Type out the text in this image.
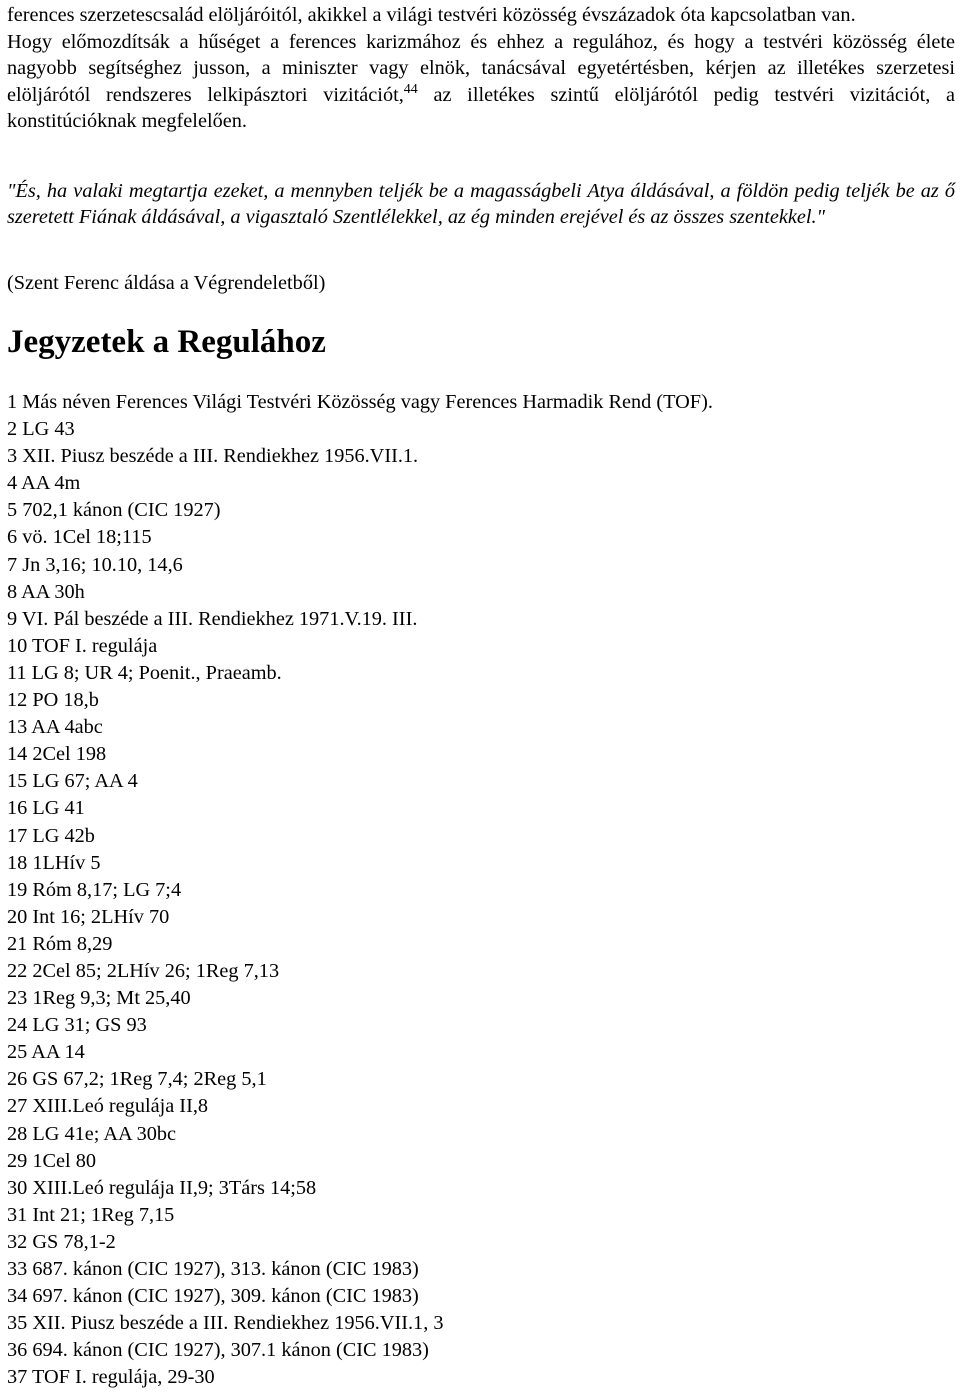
ferences szerzetescsalád elöljáróitól, akikkel a világi testvéri közösség évszázadok óta kapcsolatban van.

Hogy előmozdítsák a hűséget a ferences karizmához és ehhez a regulához, és hogy a testvéri közösség élete nagyobb segítséghez jusson, a miniszter vagy elnök, tanácsával egyetértésben, kérjen az illetékes szerzetesi elöljárótól rendszeres lelkipásztori vizitációt,$^{44}$ az illetékes szintű elöljárótól pedig testvéri vizitációt, a konstitúcióknak megfelelően.

"És, ha valaki megtartja ezeket, a mennyben teljék be a magasságbeli Atya áldásával, a földön pedig teljék be az ő szeretett Fiának áldásával, a vigasztaló Szentlélekkel, az ég minden erejével és az összes szentekkel."

(Szent Ferenc áldása a Végrendeletből)

Jegyzetek a Regulához
1 Más néven Ferences Világi Testvéri Közösség vagy Ferences Harmadik Rend (TOF).
2 LG 43
3 XII. Piusz beszéde a III. Rendiekhez 1956.VII.1.
4 AA 4m
5 702,1 kánon (CIC 1927)
6 vö. 1Cel 18;115
7 Jn 3,16; 10.10, 14,6
8 AA 30h
9 VI. Pál beszéde a III. Rendiekhez 1971.V.19. III.
10 TOF I. regulája
11 LG 8; UR 4; Poenit., Praeamb.
12 PO 18,b
13 AA 4abc
14 2Cel 198
15 LG 67; AA 4
16 LG 41
17 LG 42b
18 1LHív 5
19 Róm 8,17; LG 7;4
20 Int 16; 2LHív 70
21 Róm 8,29
22 2Cel 85; 2LHív 26; 1Reg 7,13
23 1Reg 9,3; Mt 25,40
24 LG 31; GS 93
25 AA 14
26 GS 67,2; 1Reg 7,4; 2Reg 5,1
27 XIII.Leó regulája II,8
28 LG 41e; AA 30bc
29 1Cel 80
30 XIII.Leó regulája II,9; 3Társ 14;58
31 Int 21; 1Reg 7,15
32 GS 78,1-2
33 687. kánon (CIC 1927), 313. kánon (CIC 1983)
34 697. kánon (CIC 1927), 309. kánon (CIC 1983)
35 XII. Piusz beszéde a III. Rendiekhez 1956.VII.1, 3
36 694. kánon (CIC 1927), 307.1 kánon (CIC 1983)
37 TOF I. regulája, 29-30
